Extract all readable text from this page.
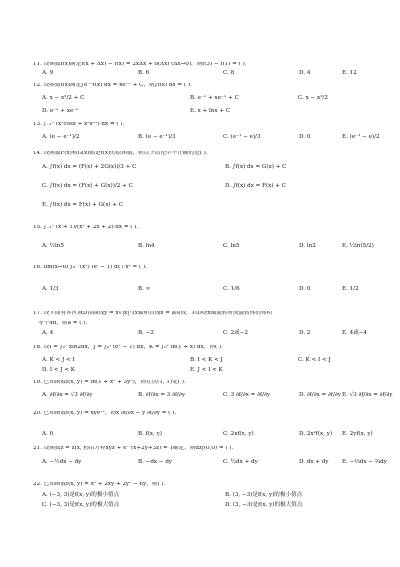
11. 设函数f(x)满足f(x + Δx) − f(x) = 2xΔx + o(Δx) (Δx→0)，则f(3) − f(1) = ( ).
A. 9	B. 6	C. 8	D. 4	E. 12
12. 设函数f(x)满足∫e⁻ˣf(x) dx = xe⁻ˣ + C，则∫f(x) dx = ( ).
A. x − x²/2 + C	B. e⁻ˣ + xe⁻ˣ + C	C. x − x²/2
D. e⁻ˣ + xe⁻ˣ	E. x + lnx + C
13. ∫₋₁¹ (x³cosx + x²eˣ³) dx = ( ).
A. (e − e⁻¹)/2	B. (e − e⁻¹)/3	C. (e⁻¹ − e)/3	D. 0	E. (e⁻¹ − e)/2
14. 设函数F(x)和G(x)都是f(x)的原函数，则以下结论中不正确的是( ).
A. ∫f(x) dx = (F(x) + 2G(x))/3 + C	B. ∫f(x) dx = G(x) + C
C. ∫f(x) dx = (F(x) + G(x))/2 + C	D. ∫f(x) dx = F(x) + C
E. ∫f(x) dx = F(x) + G(x) + C
15. ∫₋₁¹ (x + 1)/(x² + 2x + 2) dx = ( ).
A. ½ln5	B. ln4	C. ln5	D. ln2	E. ½ln(5/2)
16. lim(x→0) ∫₀^(x²) (eᵗ − 1) dt / x⁴ = ( ).
A. 1/3	B. ∞	C. 1/6	D. 0	E. 1/2
17. 设平面有界区域D由曲线y = x√|x|与x轴和直线x = a围成．若D绕x轴旋转所成旋转体的体积
等于4π，则a = ( ).
A. 4	B. −2	C. 2或−2	D. 2	E. 4或−4
18. 设I = ∫₀¹ xln2dx，J = ∫₀¹ (eˣ − 1) dx，K = ∫₀¹ ln(1 + x) dx，则( ).
A. K < J < I	B. I < K < J	C. K < I < J
D. I < J < K	E. J < I < K
19. 已知函数f(x, y) = ln(1 + x² + 3y²)，则在点(1, 1)处( ).
A. ∂f/∂x = √3 ∂f/∂y	B. ∂f/∂x = 3 ∂f/∂y	C. 3 ∂f/∂x = ∂f/∂y	D. ∂f/∂x = ∂f/∂y E. √3 ∂f/∂x = ∂f/∂y
20. 已知函数f(x, y) = xyeˣ²，则x ∂f/∂x − y ∂f/∂y = ( ).
A. 0	B. f(x, y)	C. 2xf(x, y)	D. 2x²f(x, y) E. 2yf(x, y)
21. 设函数z = z(x, y)由方程xyz + e^(x+2y+3z) = 1确定，则dz|(0,0) = ( ).
A. −½dx − dy	B. −dx − dy	C. ½dx + dy	D. dx + dy E. −⅓dx − ⅔dy
22. 已知函数f(x, y) = x³ + 2xy + 2y² − 6y，则( ).
A. (−3, 3)是f(x, y)的极小值点	B. (3, −3)是f(x, y)的极小值点
C. (−3, 3)是f(x, y)的极大值点	D. (3, −3)是f(x, y)的极大值点
